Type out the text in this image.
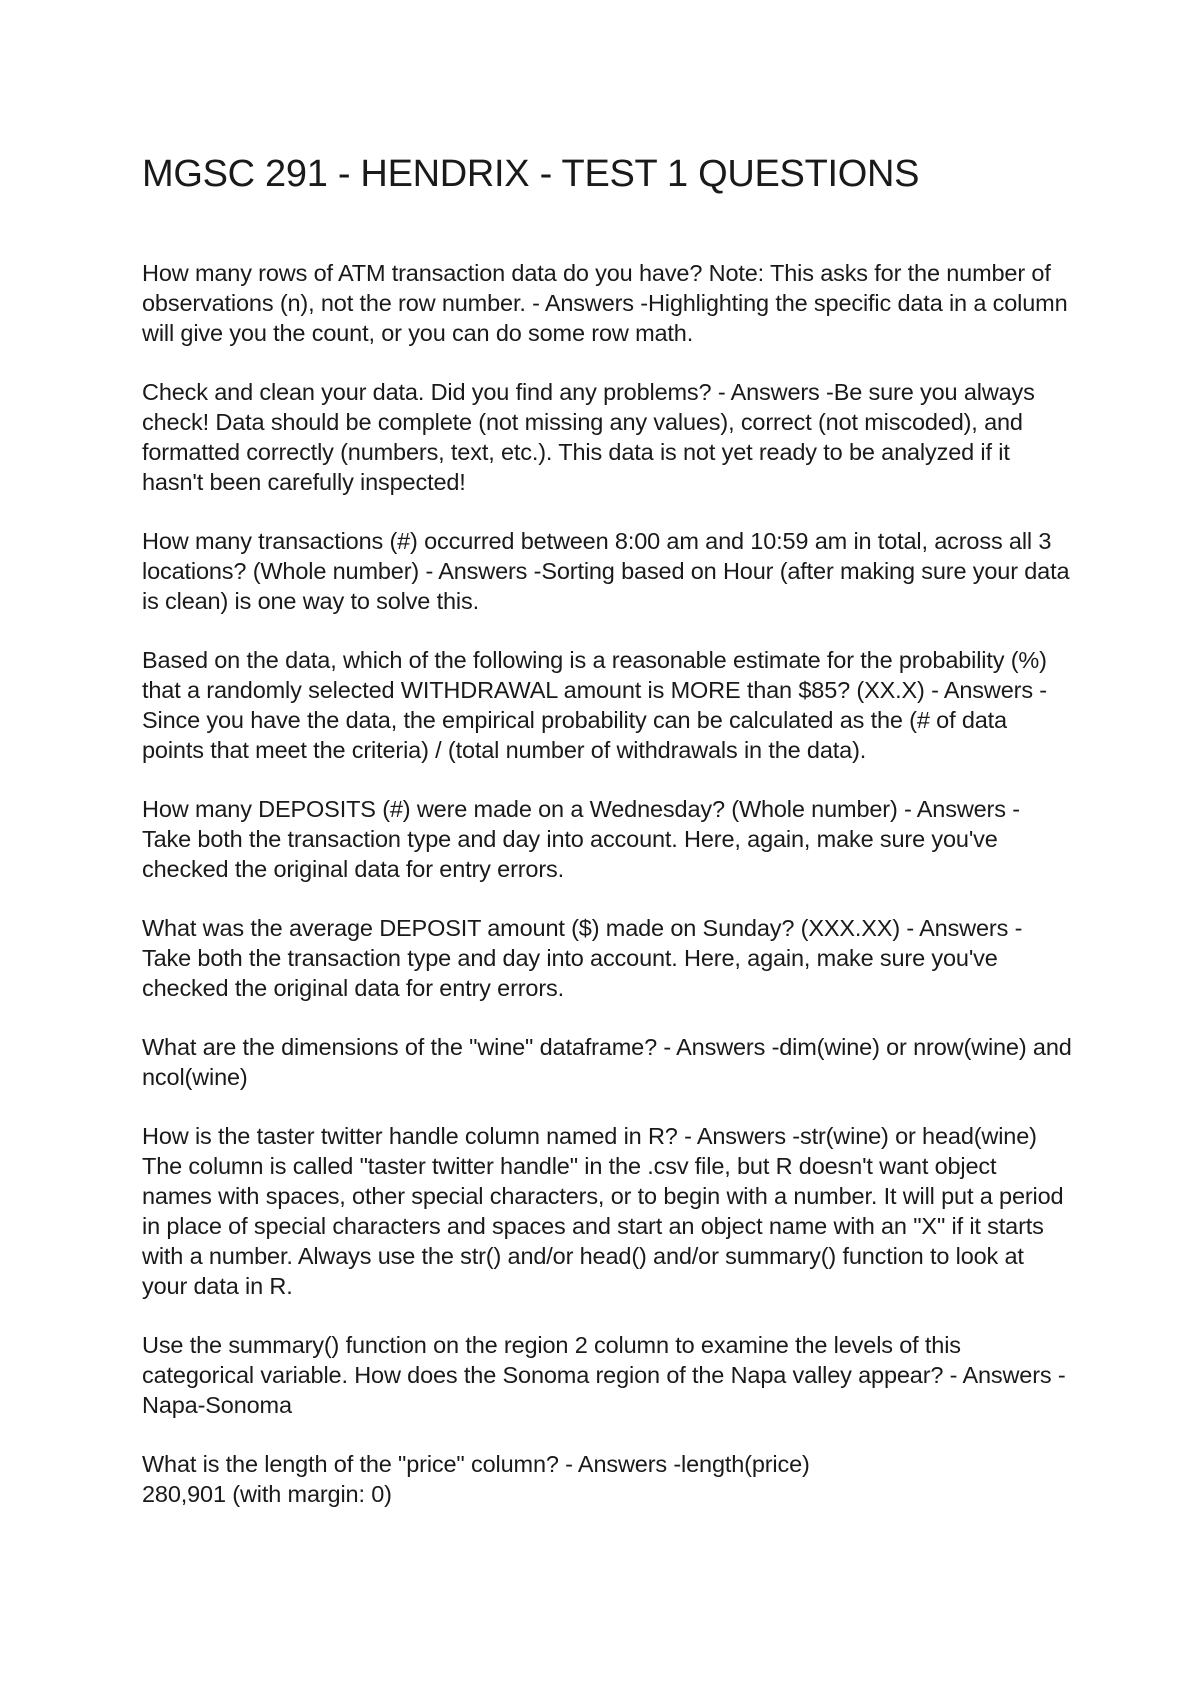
MGSC 291 - HENDRIX - TEST 1 QUESTIONS
How many rows of ATM transaction data do you have? Note: This asks for the number of observations (n), not the row number. - Answers -Highlighting the specific data in a column will give you the count, or you can do some row math.
Check and clean your data. Did you find any problems? - Answers -Be sure you always check! Data should be complete (not missing any values), correct (not miscoded), and formatted correctly (numbers, text, etc.). This data is not yet ready to be analyzed if it hasn't been carefully inspected!
How many transactions (#) occurred between 8:00 am and 10:59 am in total, across all 3 locations? (Whole number) - Answers -Sorting based on Hour (after making sure your data is clean) is one way to solve this.
Based on the data, which of the following is a reasonable estimate for the probability (%) that a randomly selected WITHDRAWAL amount is MORE than $85? (XX.X) - Answers -Since you have the data, the empirical probability can be calculated as the (# of data points that meet the criteria) / (total number of withdrawals in the data).
How many DEPOSITS (#) were made on a Wednesday? (Whole number) - Answers - Take both the transaction type and day into account. Here, again, make sure you've checked the original data for entry errors.
What was the average DEPOSIT amount ($) made on Sunday? (XXX.XX) - Answers - Take both the transaction type and day into account. Here, again, make sure you've checked the original data for entry errors.
What are the dimensions of the "wine" dataframe? - Answers -dim(wine) or nrow(wine) and ncol(wine)
How is the taster twitter handle column named in R? - Answers -str(wine) or head(wine) The column is called "taster twitter handle" in the .csv file, but R doesn't want object names with spaces, other special characters, or to begin with a number. It will put a period in place of special characters and spaces and start an object name with an "X" if it starts with a number. Always use the str() and/or head() and/or summary() function to look at your data in R.
Use the summary() function on the region 2 column to examine the levels of this categorical variable. How does the Sonoma region of the Napa valley appear? - Answers -Napa-Sonoma
What is the length of the "price" column? - Answers -length(price)
280,901 (with margin: 0)
